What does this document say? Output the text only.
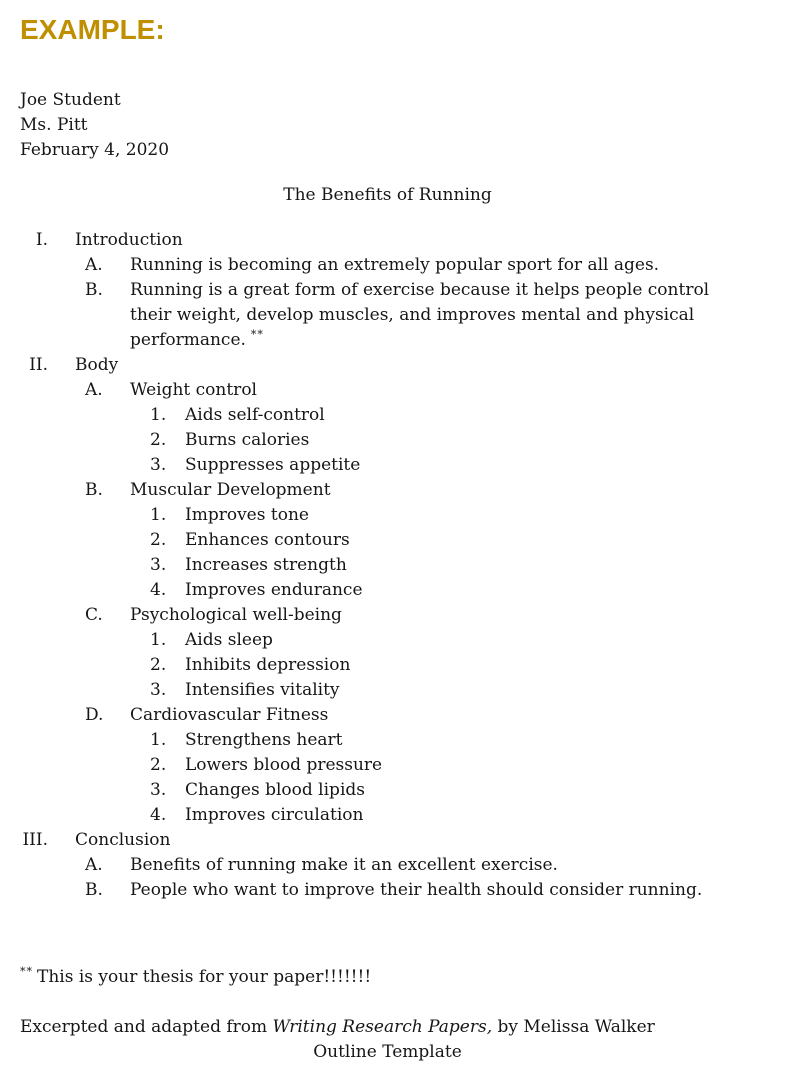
EXAMPLE:
Joe Student
Ms. Pitt
February 4, 2020
The Benefits of Running
I. Introduction
A.	Running is becoming an extremely popular sport for all ages.
B.	Running is a great form of exercise because it helps people control their weight, develop muscles, and improves mental and physical performance. **
II. Body
A.	Weight control
1.	Aids self-control
2.	Burns calories
3.	Suppresses appetite
B.	Muscular Development
1.	Improves tone
2.	Enhances contours
3.	Increases strength
4.	Improves endurance
C.	Psychological well-being
1.	Aids sleep
2.	Inhibits depression
3.	Intensifies vitality
D.	Cardiovascular Fitness
1.	Strengthens heart
2.	Lowers blood pressure
3.	Changes blood lipids
4.	Improves circulation
III. Conclusion
A.	Benefits of running make it an excellent exercise.
B.	People who want to improve their health should consider running.
** This is your thesis for your paper!!!!!!!
Excerpted and adapted from Writing Research Papers, by Melissa Walker
Outline Template
